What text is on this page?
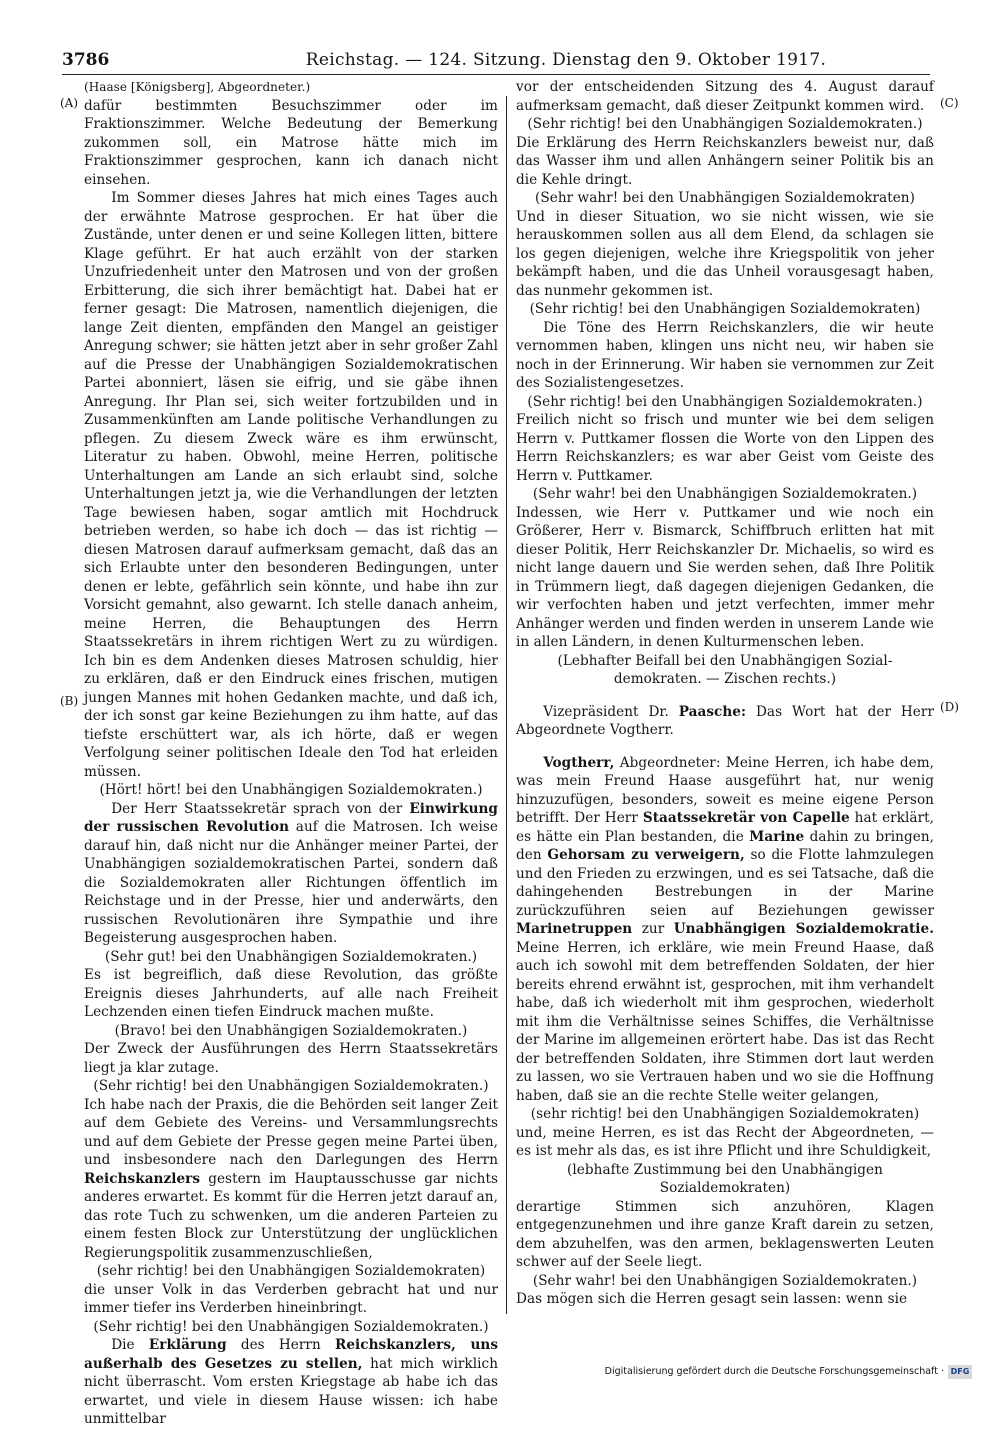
3786	Reichstag. — 124. Sitzung. Dienstag den 9. Oktober 1917.
(A)
(B)
(C)
(D)

(Haase [Königsberg], Abgeordneter.)

dafür bestimmten Besuchszimmer oder im Fraktionszimmer. Welche Bedeutung der Bemerkung zukommen soll, ein Matrose hätte mich im Fraktionszimmer gesprochen, kann ich danach nicht einsehen.

Im Sommer dieses Jahres hat mich eines Tages auch der erwähnte Matrose gesprochen. Er hat über die Zustände, unter denen er und seine Kollegen litten, bittere Klage geführt. Er hat auch erzählt von der starken Unzufriedenheit unter den Matrosen und von der großen Erbitterung, die sich ihrer bemächtigt hat. Dabei hat er ferner gesagt: Die Matrosen, namentlich diejenigen, die lange Zeit dienten, empfänden den Mangel an geistiger Anregung schwer; sie hätten jetzt aber in sehr großer Zahl auf die Presse der Unabhängigen Sozialdemokratischen Partei abonniert, läsen sie eifrig, und sie gäbe ihnen Anregung. Ihr Plan sei, sich weiter fortzubilden und in Zusammenkünften am Lande politische Verhandlungen zu pflegen. Zu diesem Zweck wäre es ihm erwünscht, Literatur zu haben. Obwohl, meine Herren, politische Unterhaltungen am Lande an sich erlaubt sind, solche Unterhaltungen jetzt ja, wie die Verhandlungen der letzten Tage bewiesen haben, sogar amtlich mit Hochdruck betrieben werden, so habe ich doch — das ist richtig — diesen Matrosen darauf aufmerksam gemacht, daß das an sich Erlaubte unter den besonderen Bedingungen, unter denen er lebte, gefährlich sein könnte, und habe ihn zur Vorsicht gemahnt, also gewarnt. Ich stelle danach anheim, meine Herren, die Behauptungen des Herrn Staatssekretärs in ihrem richtigen Wert zu zu würdigen. Ich bin es dem Andenken dieses Matrosen schuldig, hier zu erklären, daß er den Eindruck eines frischen, mutigen jungen Mannes mit hohen Gedanken machte, und daß ich, der ich sonst gar keine Beziehungen zu ihm hatte, auf das tiefste erschüttert war, als ich hörte, daß er wegen Verfolgung seiner politischen Ideale den Tod hat erleiden müssen.

(Hört! hört! bei den Unabhängigen Sozialdemokraten.)

Der Herr Staatssekretär sprach von der Einwirkung der russischen Revolution auf die Matrosen. Ich weise darauf hin, daß nicht nur die Anhänger meiner Partei, der Unabhängigen sozialdemokratischen Partei, sondern daß die Sozialdemokraten aller Richtungen öffentlich im Reichstage und in der Presse, hier und anderwärts, den russischen Revolutionären ihre Sympathie und ihre Begeisterung ausgesprochen haben.

(Sehr gut! bei den Unabhängigen Sozialdemokraten.)

Es ist begreiflich, daß diese Revolution, das größte Ereignis dieses Jahrhunderts, auf alle nach Freiheit Lechzenden einen tiefen Eindruck machen mußte.

(Bravo! bei den Unabhängigen Sozialdemokraten.)

Der Zweck der Ausführungen des Herrn Staatssekretärs liegt ja klar zutage.

(Sehr richtig! bei den Unabhängigen Sozialdemokraten.)

Ich habe nach der Praxis, die die Behörden seit langer Zeit auf dem Gebiete des Vereins- und Versammlungsrechts und auf dem Gebiete der Presse gegen meine Partei üben, und insbesondere nach den Darlegungen des Herrn Reichskanzlers gestern im Hauptausschusse gar nichts anderes erwartet. Es kommt für die Herren jetzt darauf an, das rote Tuch zu schwenken, um die anderen Parteien zu einem festen Block zur Unterstützung der unglücklichen Regierungspolitik zusammenzuschließen,

(sehr richtig! bei den Unabhängigen Sozialdemokraten)

die unser Volk in das Verderben gebracht hat und nur immer tiefer ins Verderben hineinbringt.

(Sehr richtig! bei den Unabhängigen Sozialdemokraten.)

Die Erklärung des Herrn Reichskanzlers, uns außerhalb des Gesetzes zu stellen, hat mich wirklich nicht überrascht. Vom ersten Kriegstage ab habe ich das erwartet, und viele in diesem Hause wissen: ich habe unmittelbar

vor der entscheidenden Sitzung des 4. August darauf aufmerksam gemacht, daß dieser Zeitpunkt kommen wird.

(Sehr richtig! bei den Unabhängigen Sozialdemokraten.)

Die Erklärung des Herrn Reichskanzlers beweist nur, daß das Wasser ihm und allen Anhängern seiner Politik bis an die Kehle dringt.

(Sehr wahr! bei den Unabhängigen Sozialdemokraten)

Und in dieser Situation, wo sie nicht wissen, wie sie herauskommen sollen aus all dem Elend, da schlagen sie los gegen diejenigen, welche ihre Kriegspolitik von jeher bekämpft haben, und die das Unheil vorausgesagt haben, das nunmehr gekommen ist.

(Sehr richtig! bei den Unabhängigen Sozialdemokraten)

Die Töne des Herrn Reichskanzlers, die wir heute vernommen haben, klingen uns nicht neu, wir haben sie noch in der Erinnerung. Wir haben sie vernommen zur Zeit des Sozialistengesetzes.

(Sehr richtig! bei den Unabhängigen Sozialdemokraten.)

Freilich nicht so frisch und munter wie bei dem seligen Herrn v. Puttkamer flossen die Worte von den Lippen des Herrn Reichskanzlers; es war aber Geist vom Geiste des Herrn v. Puttkamer.

(Sehr wahr! bei den Unabhängigen Sozialdemokraten.)

Indessen, wie Herr v. Puttkamer und wie noch ein Größerer, Herr v. Bismarck, Schiffbruch erlitten hat mit dieser Politik, Herr Reichskanzler Dr. Michaelis, so wird es nicht lange dauern und Sie werden sehen, daß Ihre Politik in Trümmern liegt, daß dagegen diejenigen Gedanken, die wir verfochten haben und jetzt verfechten, immer mehr Anhänger werden und finden werden in unserem Lande wie in allen Ländern, in denen Kulturmenschen leben.

(Lebhafter Beifall bei den Unabhängigen Sozial-

demokraten. — Zischen rechts.)

Vizepräsident Dr. Paasche: Das Wort hat der Herr Abgeordnete Vogtherr.

Vogtherr, Abgeordneter: Meine Herren, ich habe dem, was mein Freund Haase ausgeführt hat, nur wenig hinzuzufügen, besonders, soweit es meine eigene Person betrifft. Der Herr Staatssekretär von Capelle hat erklärt, es hätte ein Plan bestanden, die Marine dahin zu bringen, den Gehorsam zu verweigern, so die Flotte lahmzulegen und den Frieden zu erzwingen, und es sei Tatsache, daß die dahingehenden Bestrebungen in der Marine zurückzuführen seien auf Beziehungen gewisser Marinetruppen zur Unabhängigen Sozialdemokratie. Meine Herren, ich erkläre, wie mein Freund Haase, daß auch ich sowohl mit dem betreffenden Soldaten, der hier bereits ehrend erwähnt ist, gesprochen, mit ihm verhandelt habe, daß ich wiederholt mit ihm gesprochen, wiederholt mit ihm die Verhältnisse seines Schiffes, die Verhältnisse der Marine im allgemeinen erörtert habe. Das ist das Recht der betreffenden Soldaten, ihre Stimmen dort laut werden zu lassen, wo sie Vertrauen haben und wo sie die Hoffnung haben, daß sie an die rechte Stelle weiter gelangen,

(sehr richtig! bei den Unabhängigen Sozialdemokraten)

und, meine Herren, es ist das Recht der Abgeordneten, — es ist mehr als das, es ist ihre Pflicht und ihre Schuldigkeit,

(lebhafte Zustimmung bei den Unabhängigen

Sozialdemokraten)

derartige Stimmen sich anzuhören, Klagen entgegenzunehmen und ihre ganze Kraft darein zu setzen, dem abzuhelfen, was den armen, beklagenswerten Leuten schwer auf der Seele liegt.

(Sehr wahr! bei den Unabhängigen Sozialdemokraten.)

Das mögen sich die Herren gesagt sein lassen: wenn sie

Digitalisierung gefördert durch die Deutsche Forschungsgemeinschaft · DFG
